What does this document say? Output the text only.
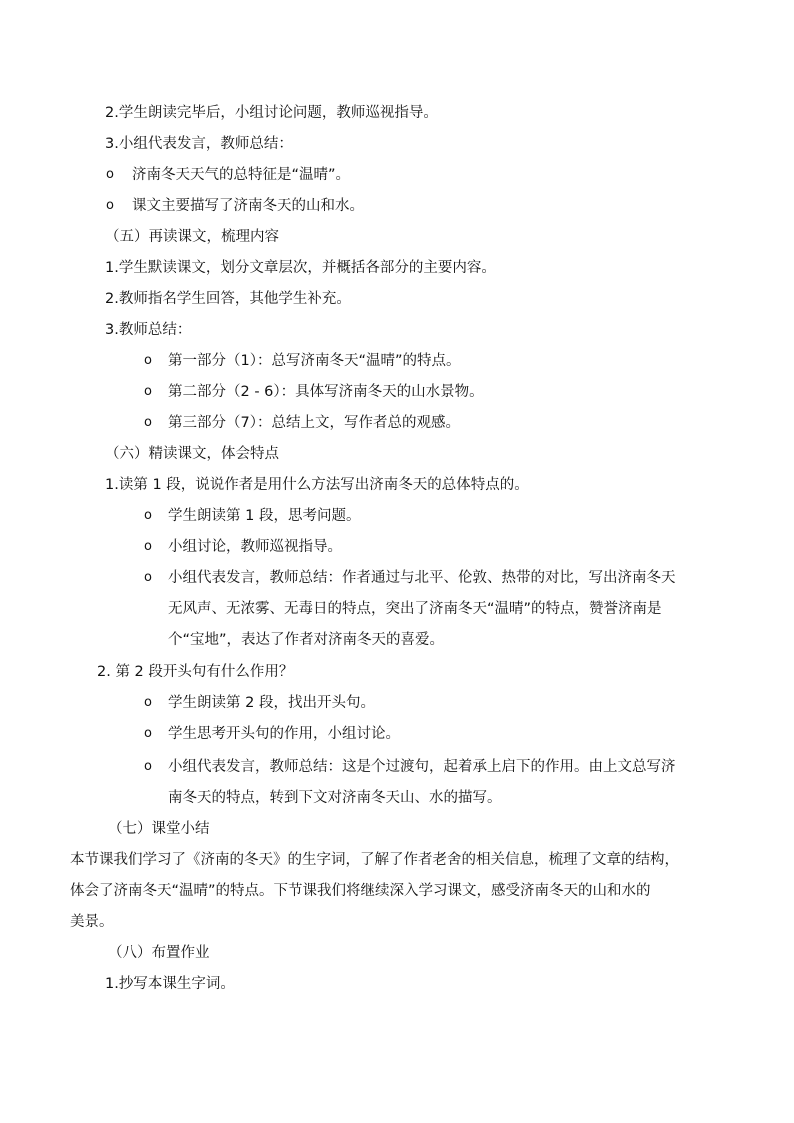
2.学生朗读完毕后，小组讨论问题，教师巡视指导。
3.小组代表发言，教师总结：
o 济南冬天天气的总特征是“温晴”。
o 课文主要描写了济南冬天的山和水。
（五）再读课文，梳理内容
1.学生默读课文，划分文章层次，并概括各部分的主要内容。
2.教师指名学生回答，其他学生补充。
3.教师总结：
o 第一部分（1）：总写济南冬天“温晴”的特点。
o 第二部分（2 - 6）：具体写济南冬天的山水景物。
o 第三部分（7）：总结上文，写作者总的观感。
（六）精读课文，体会特点
1.读第 1 段，说说作者是用什么方法写出济南冬天的总体特点的。
o 学生朗读第 1 段，思考问题。
o 小组讨论，教师巡视指导。
o 小组代表发言，教师总结：作者通过与北平、伦敦、热带的对比，写出济南冬天
无风声、无浓雾、无毒日的特点，突出了济南冬天“温晴”的特点，赞誉济南是
个“宝地”，表达了作者对济南冬天的喜爱。
2. 第 2 段开头句有什么作用？
o 学生朗读第 2 段，找出开头句。
o 学生思考开头句的作用，小组讨论。
o 小组代表发言，教师总结：这是个过渡句，起着承上启下的作用。由上文总写济
南冬天的特点，转到下文对济南冬天山、水的描写。
（七）课堂小结
本节课我们学习了《济南的冬天》的生字词，了解了作者老舍的相关信息，梳理了文章的结构，
体会了济南冬天“温晴”的特点。下节课我们将继续深入学习课文，感受济南冬天的山和水的
美景。
（八）布置作业
1.抄写本课生字词。
